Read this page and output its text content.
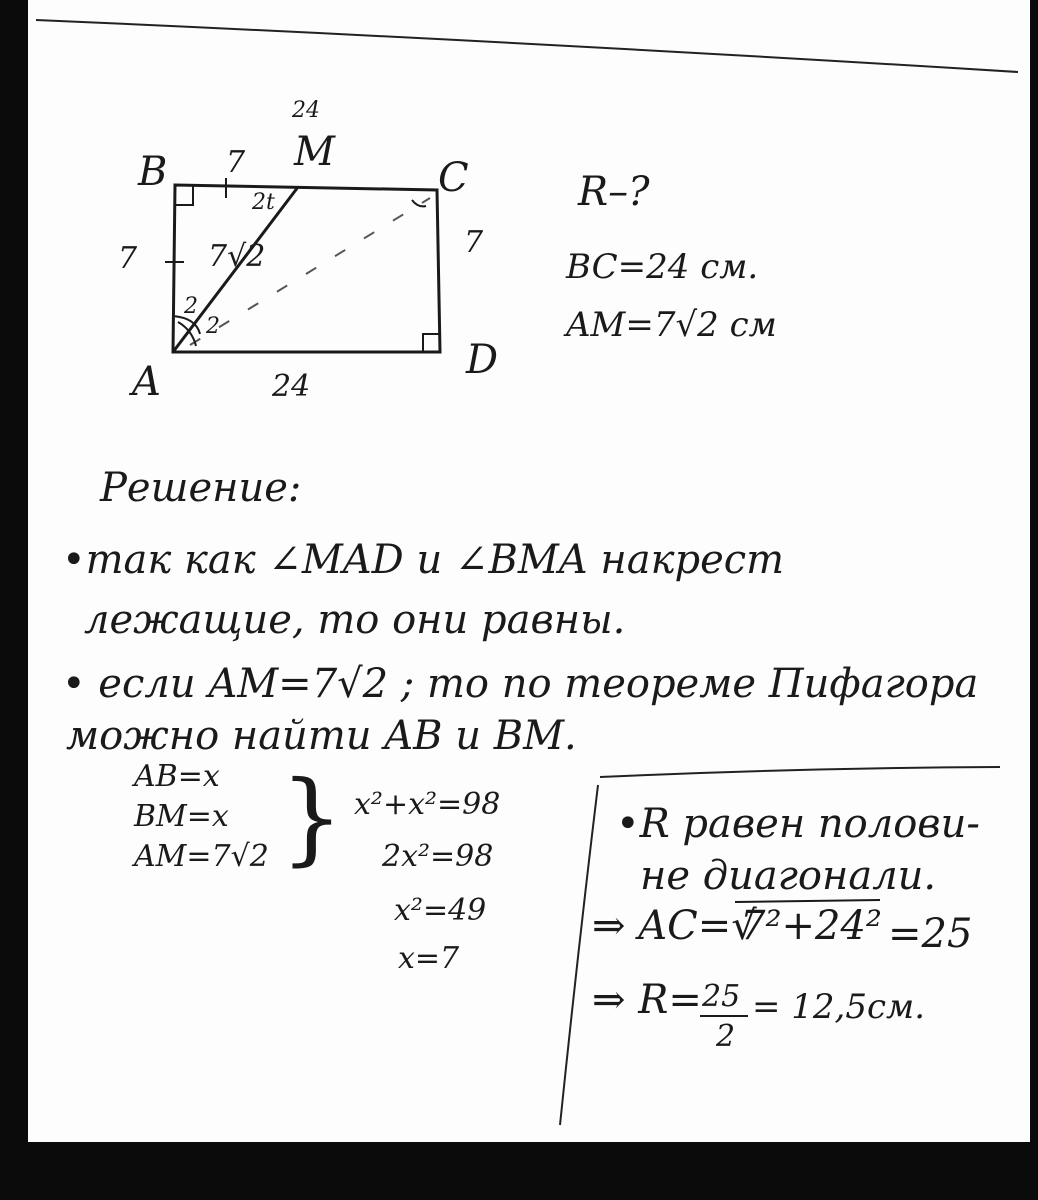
B	M
C
A	D
24
7
2t
7 7√2	7
24
2
2
R–?
BC=24 см.
AM=7√2 см
Решение:
•так как ∠MAD и ∠BMA накрест
лежащие, то они равны.
• если AM=7√2 ; то по теореме Пифагора
можно найти AB и BM.
AB=x
BM=x
AM=7√2 } x²+x²=98
2x²=98
x²=49
x=7
•R равен полови-
не диагонали.
⇒ AC=√
7²+24² =25
⇒ R= 25
2
= 12,5см.
